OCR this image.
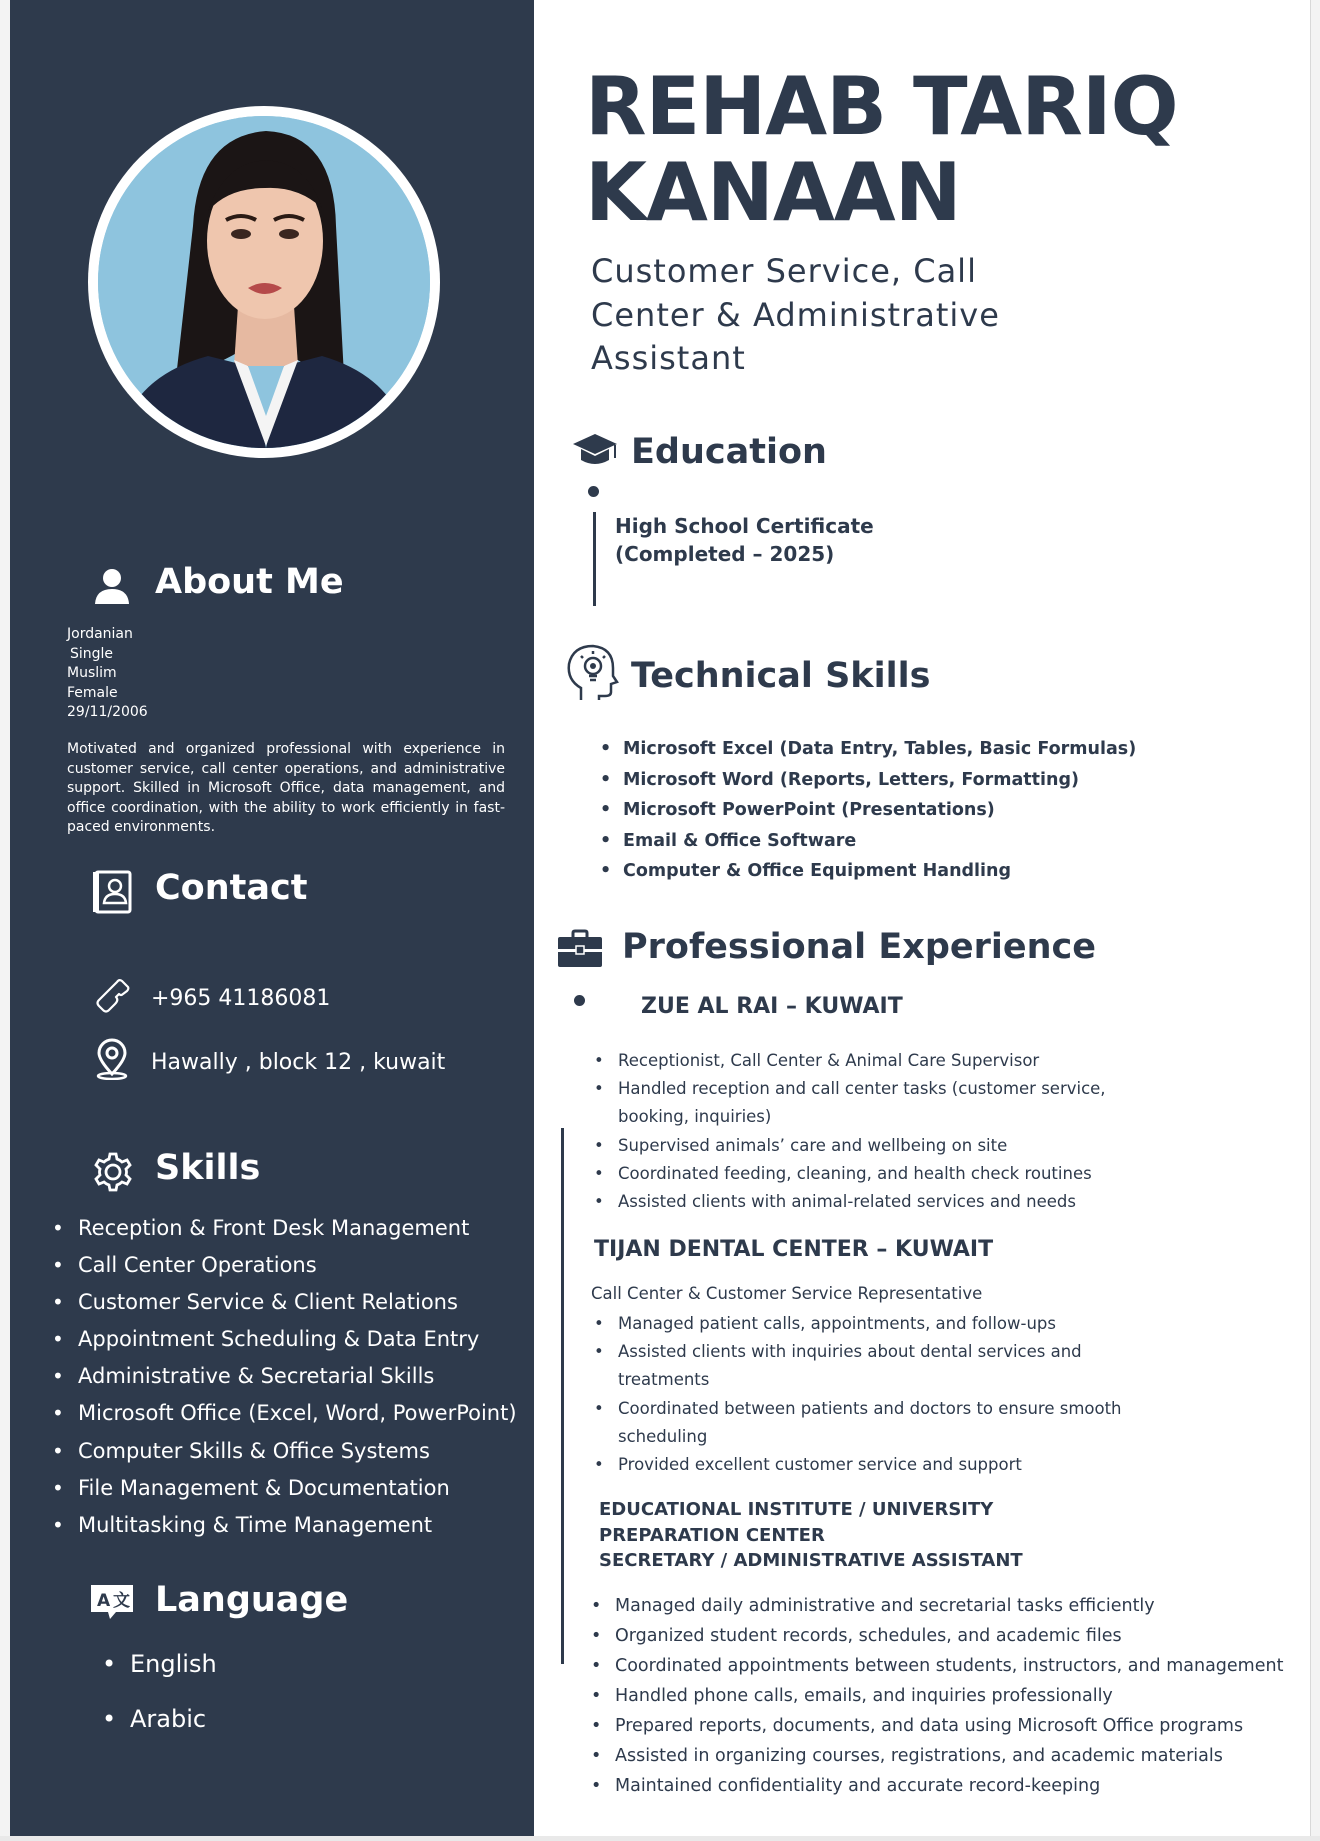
About Me
Jordanian
Single
Muslim
Female
29/11/2006
Motivated and organized professional with experience in customer service, call center operations, and administrative support. Skilled in Microsoft Office, data management, and office coordination, with the ability to work efficiently in fast-paced environments.
Contact
+965 41186081
Hawally , block 12 , kuwait
Skills
• Reception & Front Desk Management
• Call Center Operations
• Customer Service & Client Relations
• Appointment Scheduling & Data Entry
• Administrative & Secretarial Skills
• Microsoft Office (Excel, Word, PowerPoint)
• Computer Skills & Office Systems
• File Management & Documentation
• Multitasking & Time Management
A 文 Language
• English
• Arabic
REHAB TARIQ
KANAAN
Customer Service, Call
Center & Administrative
Assistant
Education
High School Certificate
(Completed – 2025)
Technical Skills
• Microsoft Excel (Data Entry, Tables, Basic Formulas)
• Microsoft Word (Reports, Letters, Formatting)
• Microsoft PowerPoint (Presentations)
• Email & Office Software
• Computer & Office Equipment Handling
Professional Experience
ZUE AL RAI – KUWAIT
• Receptionist, Call Center & Animal Care Supervisor
• Handled reception and call center tasks (customer service,
booking, inquiries)
• Supervised animals’ care and wellbeing on site
• Coordinated feeding, cleaning, and health check routines
• Assisted clients with animal-related services and needs
TIJAN DENTAL CENTER – KUWAIT
Call Center & Customer Service Representative
• Managed patient calls, appointments, and follow-ups
• Assisted clients with inquiries about dental services and
treatments
• Coordinated between patients and doctors to ensure smooth
scheduling
• Provided excellent customer service and support
EDUCATIONAL INSTITUTE / UNIVERSITY
PREPARATION CENTER
SECRETARY / ADMINISTRATIVE ASSISTANT
• Managed daily administrative and secretarial tasks efficiently
• Organized student records, schedules, and academic files
• Coordinated appointments between students, instructors, and management
• Handled phone calls, emails, and inquiries professionally
• Prepared reports, documents, and data using Microsoft Office programs
• Assisted in organizing courses, registrations, and academic materials
• Maintained confidentiality and accurate record-keeping
